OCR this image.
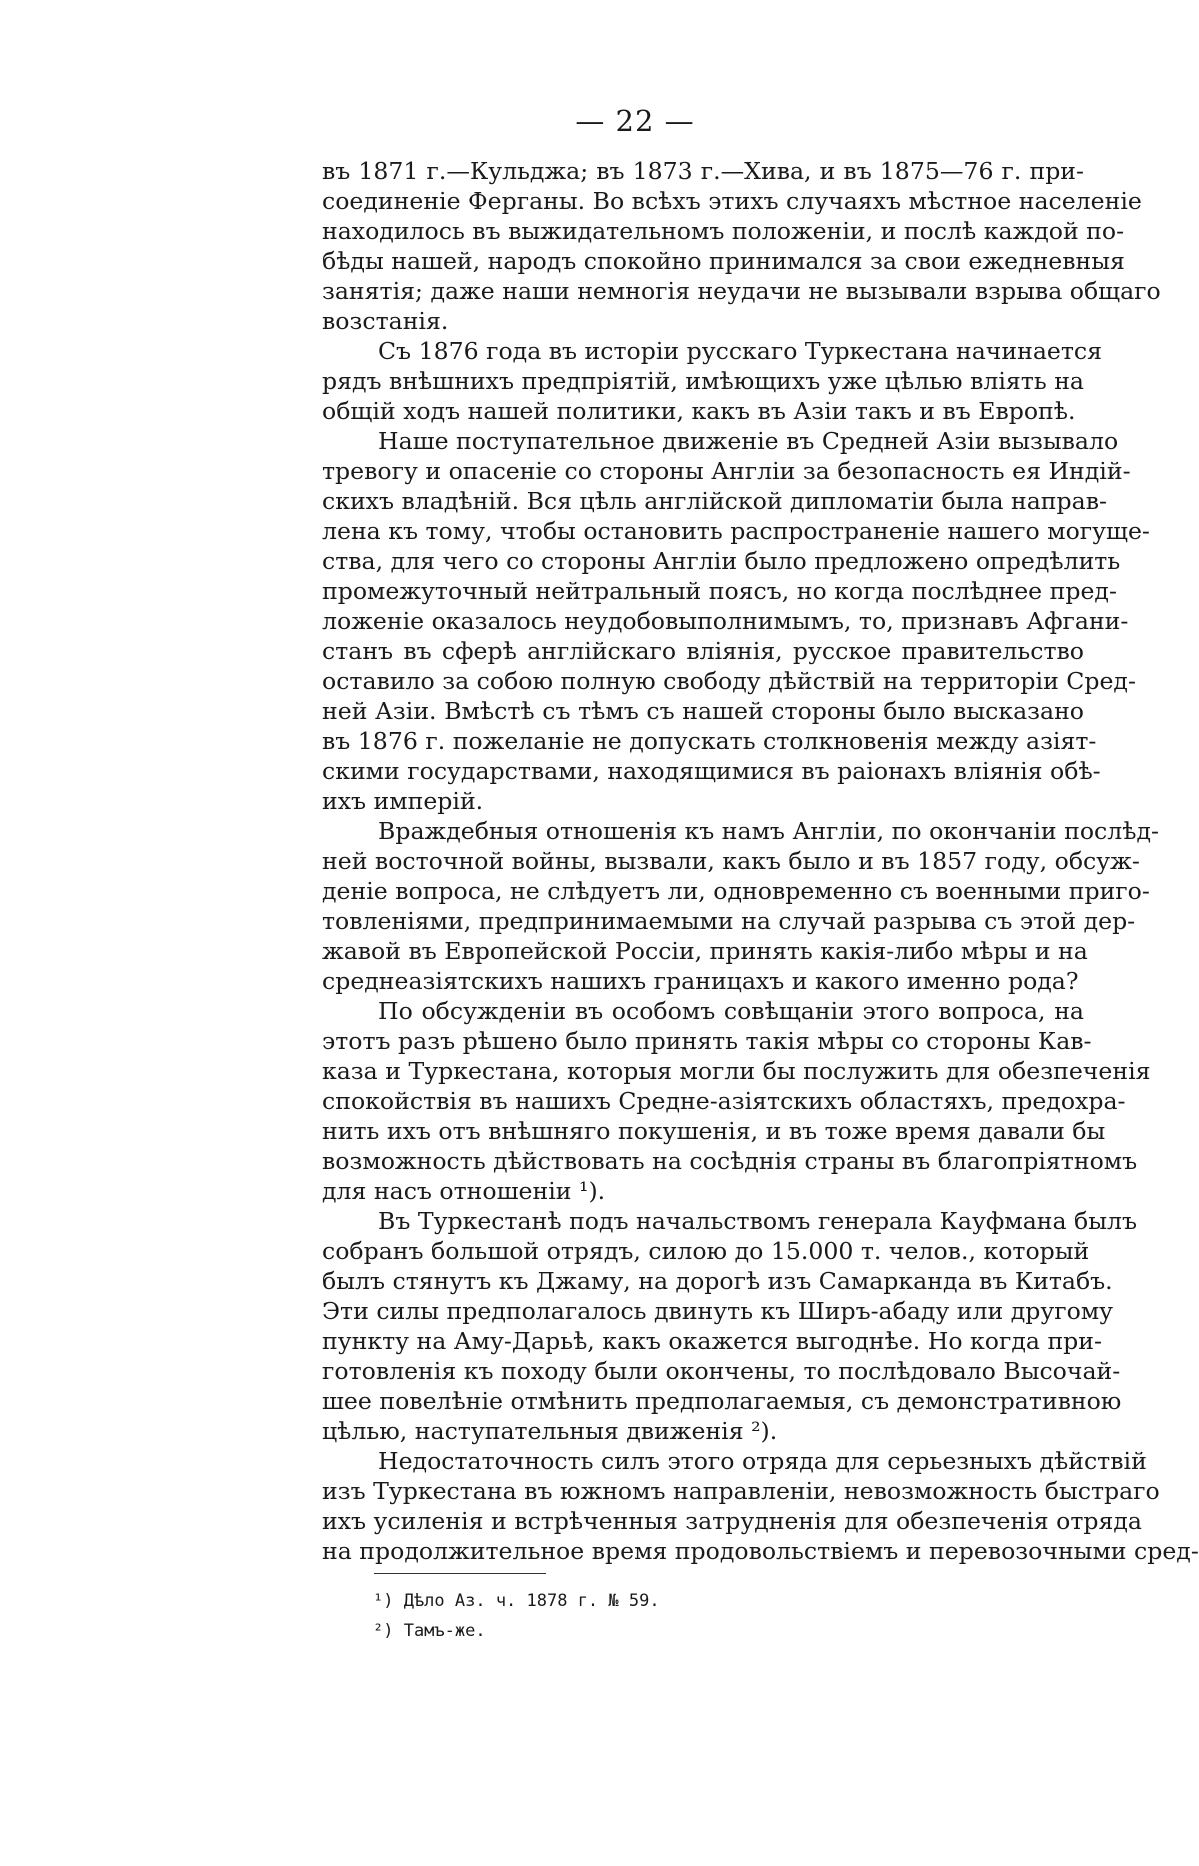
— 22 —
въ 1871 г.—Кульджа; въ 1873 г.—Хива, и въ 1875—76 г. при-
соединеніе Ферганы. Во всѣхъ этихъ случаяхъ мѣстное населеніе
находилось въ выжидательномъ положеніи, и послѣ каждой по-
бѣды нашей, народъ спокойно принимался за свои ежедневныя
занятія; даже наши немногія неудачи не вызывали взрыва общаго
возстанія.
Съ 1876 года въ исторіи русскаго Туркестана начинается
рядъ внѣшнихъ предпріятій, имѣющихъ уже цѣлью вліять на
общій ходъ нашей политики, какъ въ Азіи такъ и въ Европѣ.
Наше поступательное движеніе въ Средней Азіи вызывало
тревогу и опасеніе со стороны Англіи за безопасность ея Индій-
скихъ владѣній. Вся цѣль англійской дипломатіи была направ-
лена къ тому, чтобы остановить распространеніе нашего могуще-
ства, для чего со стороны Англіи было предложено опредѣлить
промежуточный нейтральный поясъ, но когда послѣднее пред-
ложеніе оказалось неудобовыполнимымъ, то, признавъ Афгани-
станъ въ сферѣ англійскаго вліянія, русское правительство
оставило за собою полную свободу дѣйствій на территоріи Сред-
ней Азіи. Вмѣстѣ съ тѣмъ съ нашей стороны было высказано
въ 1876 г. пожеланіе не допускать столкновенія между азіят-
скими государствами, находящимися въ раіонахъ вліянія обѣ-
ихъ имперій.
Враждебныя отношенія къ намъ Англіи, по окончаніи послѣд-
ней восточной войны, вызвали, какъ было и въ 1857 году, обсуж-
деніе вопроса, не слѣдуетъ ли, одновременно съ военными приго-
товленіями, предпринимаемыми на случай разрыва съ этой дер-
жавой въ Европейской Россіи, принять какія-либо мѣры и на
среднеазіятскихъ нашихъ границахъ и какого именно рода?
По обсужденіи въ особомъ совѣщаніи этого вопроса, на
этотъ разъ рѣшено было принять такія мѣры со стороны Кав-
каза и Туркестана, которыя могли бы послужить для обезпеченія
спокойствія въ нашихъ Средне-азіятскихъ областяхъ, предохра-
нить ихъ отъ внѣшняго покушенія, и въ тоже время давали бы
возможность дѣйствовать на сосѣднія страны въ благопріятномъ
для насъ отношеніи ¹).
Въ Туркестанѣ подъ начальствомъ генерала Кауфмана былъ
собранъ большой отрядъ, силою до 15.000 т. челов., который
былъ стянутъ къ Джаму, на дорогѣ изъ Самарканда въ Китабъ.
Эти силы предполагалось двинуть къ Ширъ-абаду или другому
пункту на Аму-Дарьѣ, какъ окажется выгоднѣе. Но когда при-
готовленія къ походу были окончены, то послѣдовало Высочай-
шее повелѣніе отмѣнить предполагаемыя, съ демонстративною
цѣлью, наступательныя движенія ²).
Недостаточность силъ этого отряда для серьезныхъ дѣйствій
изъ Туркестана въ южномъ направленіи, невозможность быстраго
ихъ усиленія и встрѣченныя затрудненія для обезпеченія отряда
на продолжительное время продовольствіемъ и перевозочными сред-
¹) Дѣло Аз. ч. 1878 г. № 59.
²) Тамъ-же.
